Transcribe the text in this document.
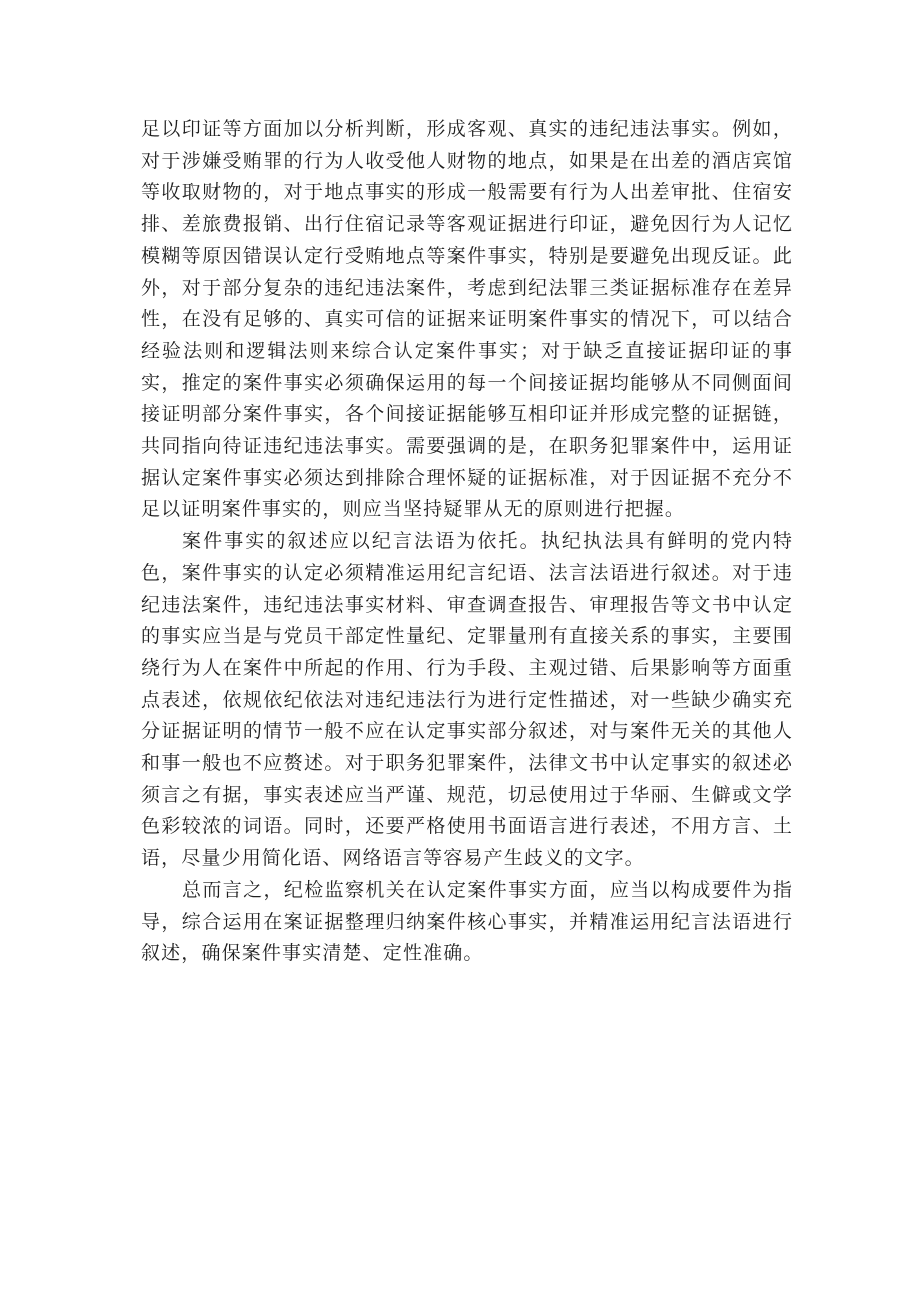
足以印证等方面加以分析判断，形成客观、真实的违纪违法事实。例如，对于涉嫌受贿罪的行为人收受他人财物的地点，如果是在出差的酒店宾馆等收取财物的，对于地点事实的形成一般需要有行为人出差审批、住宿安排、差旅费报销、出行住宿记录等客观证据进行印证，避免因行为人记忆模糊等原因错误认定行受贿地点等案件事实，特别是要避免出现反证。此外，对于部分复杂的违纪违法案件，考虑到纪法罪三类证据标准存在差异性，在没有足够的、真实可信的证据来证明案件事实的情况下，可以结合经验法则和逻辑法则来综合认定案件事实；对于缺乏直接证据印证的事实，推定的案件事实必须确保运用的每一个间接证据均能够从不同侧面间接证明部分案件事实，各个间接证据能够互相印证并形成完整的证据链，共同指向待证违纪违法事实。需要强调的是，在职务犯罪案件中，运用证据认定案件事实必须达到排除合理怀疑的证据标准，对于因证据不充分不足以证明案件事实的，则应当坚持疑罪从无的原则进行把握。

案件事实的叙述应以纪言法语为依托。执纪执法具有鲜明的党内特色，案件事实的认定必须精准运用纪言纪语、法言法语进行叙述。对于违纪违法案件，违纪违法事实材料、审查调查报告、审理报告等文书中认定的事实应当是与党员干部定性量纪、定罪量刑有直接关系的事实，主要围绕行为人在案件中所起的作用、行为手段、主观过错、后果影响等方面重点表述，依规依纪依法对违纪违法行为进行定性描述，对一些缺少确实充分证据证明的情节一般不应在认定事实部分叙述，对与案件无关的其他人和事一般也不应赘述。对于职务犯罪案件，法律文书中认定事实的叙述必须言之有据，事实表述应当严谨、规范，切忌使用过于华丽、生僻或文学色彩较浓的词语。同时，还要严格使用书面语言进行表述，不用方言、土语，尽量少用简化语、网络语言等容易产生歧义的文字。

总而言之，纪检监察机关在认定案件事实方面，应当以构成要件为指导，综合运用在案证据整理归纳案件核心事实，并精准运用纪言法语进行叙述，确保案件事实清楚、定性准确。
